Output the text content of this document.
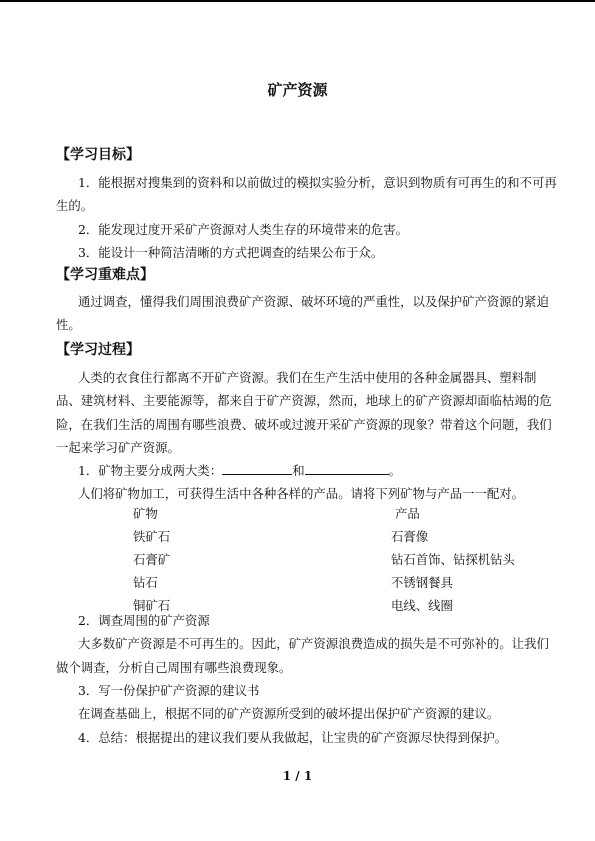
矿产资源
【学习目标】
1．能根据对搜集到的资料和以前做过的模拟实验分析，意识到物质有可再生的和不可再
生的。
2．能发现过度开采矿产资源对人类生存的环境带来的危害。
3．能设计一种简洁清晰的方式把调查的结果公布于众。
【学习重难点】
通过调查，懂得我们周围浪费矿产资源、破坏环境的严重性，以及保护矿产资源的紧迫
性。
【学习过程】
人类的衣食住行都离不开矿产资源。我们在生产生活中使用的各种金属器具、塑料制
品、建筑材料、主要能源等，都来自于矿产资源，然而，地球上的矿产资源却面临枯竭的危
险，在我们生活的周围有哪些浪费、破坏或过渡开采矿产资源的现象？带着这个问题，我们
一起来学习矿产资源。
1．矿物主要分成两大类：	和	。
人们将矿物加工，可获得生活中各种各样的产品。请将下列矿物与产品一一配对。
矿物	产品
铁矿石	石膏像
石膏矿	钻石首饰、钻探机钻头
钻石	不锈钢餐具
铜矿石	电线、线圈
2．调查周围的矿产资源
大多数矿产资源是不可再生的。因此，矿产资源浪费造成的损失是不可弥补的。让我们
做个调查，分析自己周围有哪些浪费现象。
3．写一份保护矿产资源的建议书
在调查基础上，根据不同的矿产资源所受到的破坏提出保护矿产资源的建议。
4．总结：根据提出的建议我们要从我做起，让宝贵的矿产资源尽快得到保护。
1 / 1
